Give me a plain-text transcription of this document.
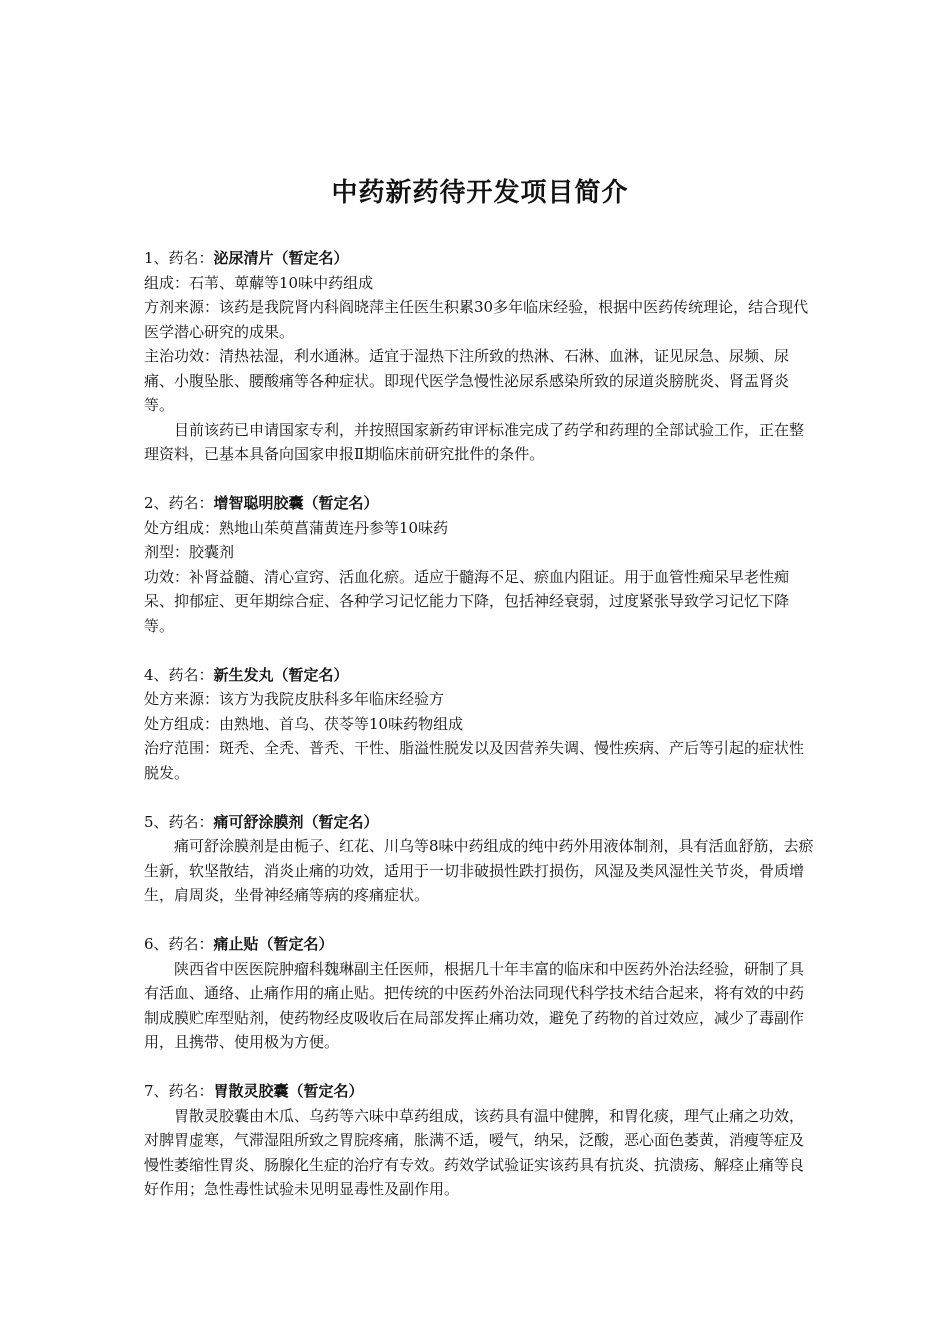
中药新药待开发项目简介

1、药名：泌尿清片（暂定名）

组成：石苇、萆薢等10味中药组成

方剂来源：该药是我院肾内科阎晓萍主任医生积累30多年临床经验，根据中医药传统理论，结合现代医学潜心研究的成果。

主治功效：清热祛湿，利水通淋。适宜于湿热下注所致的热淋、石淋、血淋，证见尿急、尿频、尿痛、小腹坠胀、腰酸痛等各种症状。即现代医学急慢性泌尿系感染所致的尿道炎膀胱炎、肾盂肾炎等。

目前该药已申请国家专利，并按照国家新药审评标准完成了药学和药理的全部试验工作，正在整理资料，已基本具备向国家申报Ⅱ期临床前研究批件的条件。

2、药名：增智聪明胶囊（暂定名）

处方组成：熟地山茱萸菖蒲黄连丹参等10味药

剂型：胶囊剂

功效：补肾益髓、清心宣窍、活血化瘀。适应于髓海不足、瘀血内阻证。用于血管性痴呆早老性痴呆、抑郁症、更年期综合症、各种学习记忆能力下降，包括神经衰弱，过度紧张导致学习记忆下降等。

4、药名：新生发丸（暂定名）

处方来源：该方为我院皮肤科多年临床经验方

处方组成：由熟地、首乌、茯苓等10味药物组成

治疗范围：斑秃、全秃、普秃、干性、脂溢性脱发以及因营养失调、慢性疾病、产后等引起的症状性脱发。

5、药名：痛可舒涂膜剂（暂定名）

痛可舒涂膜剂是由栀子、红花、川乌等8味中药组成的纯中药外用液体制剂，具有活血舒筋，去瘀生新，软坚散结，消炎止痛的功效，适用于一切非破损性跌打损伤，风湿及类风湿性关节炎，骨质增生，肩周炎，坐骨神经痛等病的疼痛症状。

6、药名：痛止贴（暂定名）

陕西省中医医院肿瘤科魏琳副主任医师，根据几十年丰富的临床和中医药外治法经验，研制了具有活血、通络、止痛作用的痛止贴。把传统的中医药外治法同现代科学技术结合起来，将有效的中药制成膜贮库型贴剂，使药物经皮吸收后在局部发挥止痛功效，避免了药物的首过效应，减少了毒副作用，且携带、使用极为方便。

7、药名：胃散灵胶囊（暂定名）

胃散灵胶囊由木瓜、乌药等六味中草药组成，该药具有温中健脾，和胃化痰，理气止痛之功效，对脾胃虚寒，气滞湿阻所致之胃脘疼痛，胀满不适，嗳气，纳呆，泛酸，恶心面色萎黄，消瘦等症及慢性萎缩性胃炎、肠腺化生症的治疗有专效。药效学试验证实该药具有抗炎、抗溃疡、解痉止痛等良好作用；急性毒性试验未见明显毒性及副作用。
